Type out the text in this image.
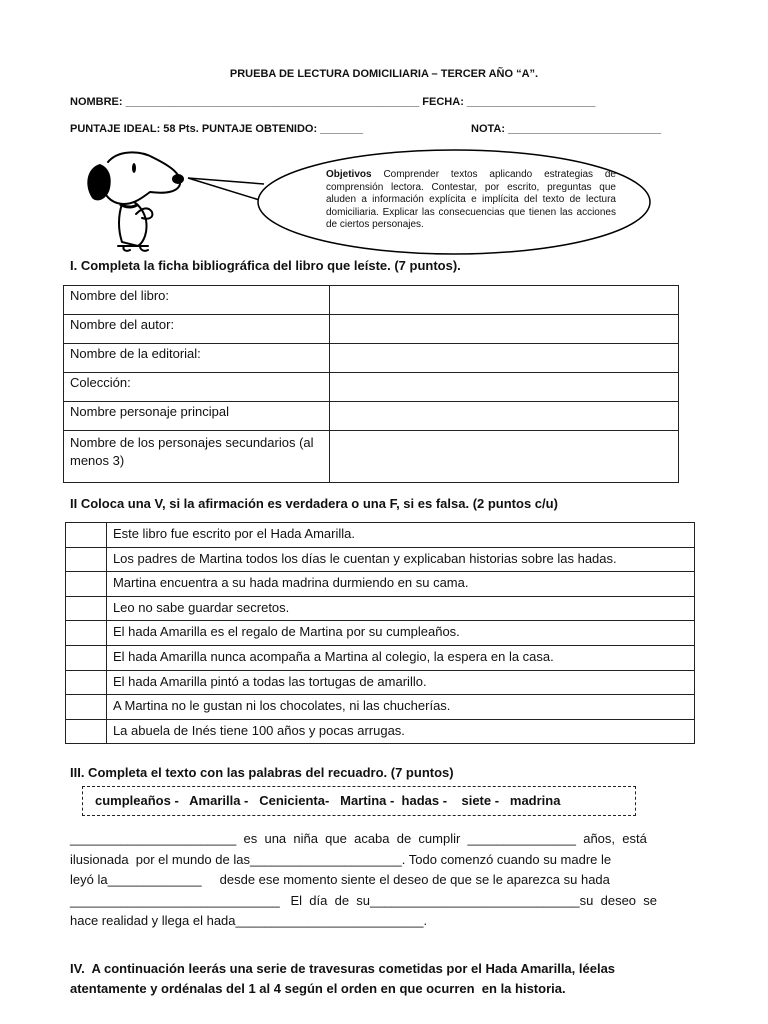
PRUEBA DE LECTURA DOMICILIARIA – TERCER AÑO “A”.
NOMBRE: ________________________________________________ FECHA: _____________________
PUNTAJE IDEAL: 58 Pts. PUNTAJE OBTENIDO: _______	NOTA: _________________________
Objetivos Comprender textos aplicando estrategias de comprensión lectora. Contestar, por escrito, preguntas que aluden a información explícita e implícita del texto de lectura domiciliaria. Explicar las consecuencias que tienen las acciones de ciertos personajes.
I. Completa la ficha bibliográfica del libro que leíste. (7 puntos).
Nombre del libro:	
Nombre del autor:	
Nombre de la editorial:	
Colección:	
Nombre personaje principal	
Nombre de los personajes secundarios (al menos 3)	
II Coloca una V, si la afirmación es verdadera o una F, si es falsa. (2 puntos c/u)
	Este libro fue escrito por el Hada Amarilla.
	Los padres de Martina todos los días le cuentan y explicaban historias sobre las hadas.
	Martina encuentra a su hada madrina durmiendo en su cama.
	Leo no sabe guardar secretos.
	El hada Amarilla es el regalo de Martina por su cumpleaños.
	El hada Amarilla nunca acompaña a Martina al colegio, la espera en la casa.
	El hada Amarilla pintó a todas las tortugas de amarillo.
	A Martina no le gustan ni los chocolates, ni las chucherías.
	La abuela de Inés tiene 100 años y pocas arrugas.
III. Completa el texto con las palabras del recuadro. (7 puntos)
cumpleaños -   Amarilla -   Cenicienta-   Martina -  hadas -    siete -   madrina
_______________________  es  una  niña  que  acaba  de  cumplir  _______________  años,  está
ilusionada  por el mundo de las_____________________. Todo comenzó cuando su madre le
leyó la_____________     desde ese momento siente el deseo de que se le aparezca su hada
_____________________________   El  día  de  su_____________________________su  deseo  se
hace realidad y llega el hada__________________________.
IV.  A continuación leerás una serie de travesuras cometidas por el Hada Amarilla, léelas
atentamente y ordénalas del 1 al 4 según el orden en que ocurren  en la historia.
